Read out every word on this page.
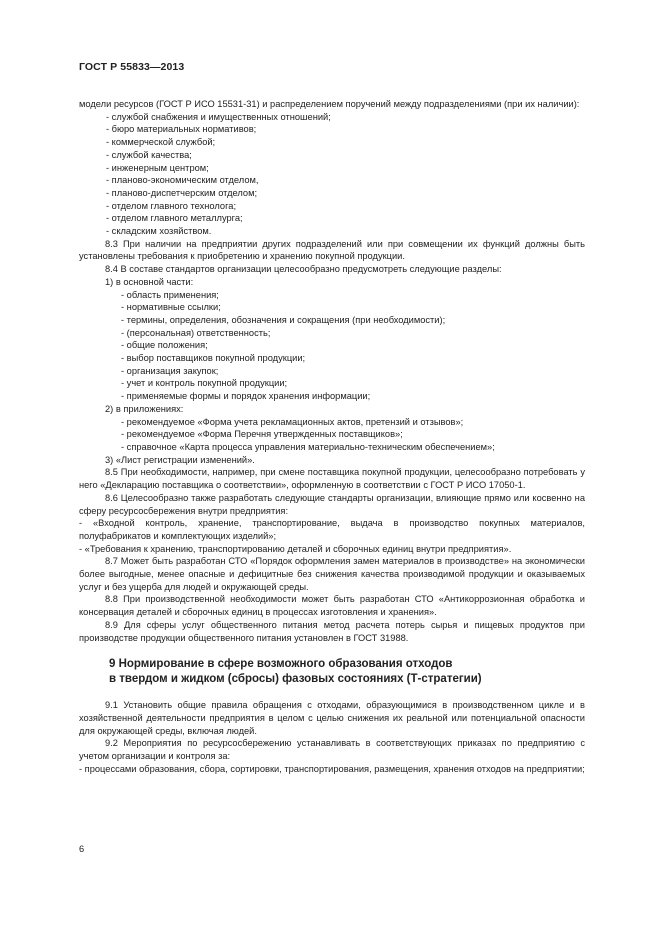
ГОСТ Р 55833—2013

модели ресурсов (ГОСТ Р ИСО 15531-31) и распределением поручений между подразделениями (при их наличии):

- службой снабжения и имущественных отношений;
- бюро материальных нормативов;
- коммерческой службой;
- службой качества;
- инженерным центром;
- планово-экономическим отделом,
- планово-диспетчерским отделом;
- отделом главного технолога;
- отделом главного металлурга;
- складским хозяйством.

8.3 При наличии на предприятии других подразделений или при совмещении их функций должны быть установлены требования к приобретению и хранению покупной продукции.

8.4 В составе стандартов организации целесообразно предусмотреть следующие разделы:

1) в основной части:
- область применения;
- нормативные ссылки;
- термины, определения, обозначения и сокращения (при необходимости);
- (персональная) ответственность;
- общие положения;
- выбор поставщиков покупной продукции;
- организация закупок;
- учет и контроль покупной продукции;
- применяемые формы и порядок хранения информации;
2) в приложениях:
- рекомендуемое «Форма учета рекламационных актов, претензий и отзывов»;
- рекомендуемое «Форма Перечня утвержденных поставщиков»;
- справочное «Карта процесса управления материально-техническим обеспечением»;
3) «Лист регистрации изменений».

8.5 При необходимости, например, при смене поставщика покупной продукции, целесообразно потребовать у него «Декларацию поставщика о соответствии», оформленную в соответствии с ГОСТ Р ИСО 17050-1.

8.6 Целесообразно также разработать следующие стандарты организации, влияющие прямо или косвенно на сферу ресурсосбережения внутри предприятия:

- «Входной контроль, хранение, транспортирование, выдача в производство покупных материалов, полуфабрикатов и комплектующих изделий»;

- «Требования к хранению, транспортированию деталей и сборочных единиц внутри предприятия».

8.7 Может быть разработан СТО «Порядок оформления замен материалов в производстве» на экономически более выгодные, менее опасные и дефицитные без снижения качества производимой продукции и оказываемых услуг и без ущерба для людей и окружающей среды.

8.8 При производственной необходимости может быть разработан СТО «Антикоррозионная обработка и консервация деталей и сборочных единиц в процессах изготовления и хранения».

8.9 Для сферы услуг общественного питания метод расчета потерь сырья и пищевых продуктов при производстве продукции общественного питания установлен в ГОСТ 31988.

9 Нормирование в сфере возможного образования отходов
в твердом и жидком (сбросы) фазовых состояниях (Т-стратегии)

9.1 Установить общие правила обращения с отходами, образующимися в производственном цикле и в хозяйственной деятельности предприятия в целом с целью снижения их реальной или потенциальной опасности для окружающей среды, включая людей.

9.2 Мероприятия по ресурсосбережению устанавливать в соответствующих приказах по предприятию с учетом организации и контроля за:

- процессами образования, сбора, сортировки, транспортирования, размещения, хранения отходов на предприятии;

6
